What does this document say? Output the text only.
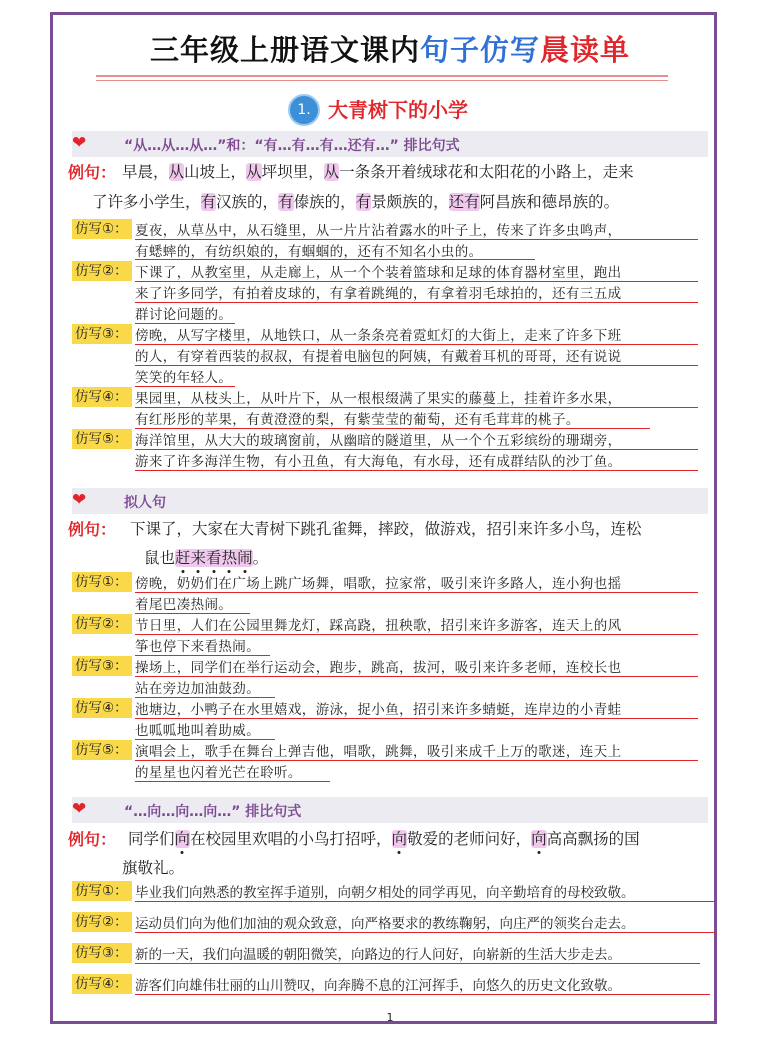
三年级上册语文课内句子仿写晨读单
1. 大青树下的小学
❤	“从…从…从…”和：“有…有…有…还有…” 排比句式
例句： 早晨，从山坡上，从坪坝里，从一条条开着绒球花和太阳花的小路上，走来
了许多小学生，有汉族的，有傣族的，有景颇族的，还有阿昌族和德昂族的。
仿写①： 夏夜，从草丛中，从石缝里，从一片片沾着露水的叶子上，传来了许多虫鸣声，
有蟋蟀的，有纺织娘的，有蝈蝈的，还有不知名小虫的。
仿写②： 下课了，从教室里，从走廊上，从一个个装着篮球和足球的体育器材室里，跑出
来了许多同学，有拍着皮球的，有拿着跳绳的，有拿着羽毛球拍的，还有三五成
群讨论问题的。
仿写③： 傍晚，从写字楼里，从地铁口，从一条条亮着霓虹灯的大街上，走来了许多下班
的人，有穿着西装的叔叔，有提着电脑包的阿姨，有戴着耳机的哥哥，还有说说
笑笑的年轻人。
仿写④： 果园里，从枝头上，从叶片下，从一根根缀满了果实的藤蔓上，挂着许多水果，
有红彤彤的苹果，有黄澄澄的梨，有紫莹莹的葡萄，还有毛茸茸的桃子。
仿写⑤： 海洋馆里，从大大的玻璃窗前，从幽暗的隧道里，从一个个五彩缤纷的珊瑚旁，
游来了许多海洋生物，有小丑鱼，有大海龟，有水母，还有成群结队的沙丁鱼。
❤	拟人句
例句： 下课了，大家在大青树下跳孔雀舞，摔跤，做游戏，招引来许多小鸟，连松
鼠也赶来看热闹。
仿写①： 傍晚，奶奶们在广场上跳广场舞，唱歌，拉家常，吸引来许多路人，连小狗也摇
着尾巴凑热闹。
仿写②： 节日里，人们在公园里舞龙灯，踩高跷，扭秧歌，招引来许多游客，连天上的风
筝也停下来看热闹。
仿写③： 操场上，同学们在举行运动会，跑步，跳高，拔河，吸引来许多老师，连校长也
站在旁边加油鼓劲。
仿写④： 池塘边，小鸭子在水里嬉戏，游泳，捉小鱼，招引来许多蜻蜓，连岸边的小青蛙
也呱呱地叫着助威。
仿写⑤： 演唱会上，歌手在舞台上弹吉他，唱歌，跳舞，吸引来成千上万的歌迷，连天上
的星星也闪着光芒在聆听。
❤	“…向…向…向…” 排比句式
例句： 同学们向在校园里欢唱的小鸟打招呼，向敬爱的老师问好，向高高飘扬的国
旗敬礼。
仿写①： 毕业我们向熟悉的教室挥手道别，向朝夕相处的同学再见，向辛勤培育的母校致敬。
仿写②： 运动员们向为他们加油的观众致意，向严格要求的教练鞠躬，向庄严的领奖台走去。
仿写③： 新的一天，我们向温暖的朝阳微笑，向路边的行人问好，向崭新的生活大步走去。
仿写④： 游客们向雄伟壮丽的山川赞叹，向奔腾不息的江河挥手，向悠久的历史文化致敬。
1
